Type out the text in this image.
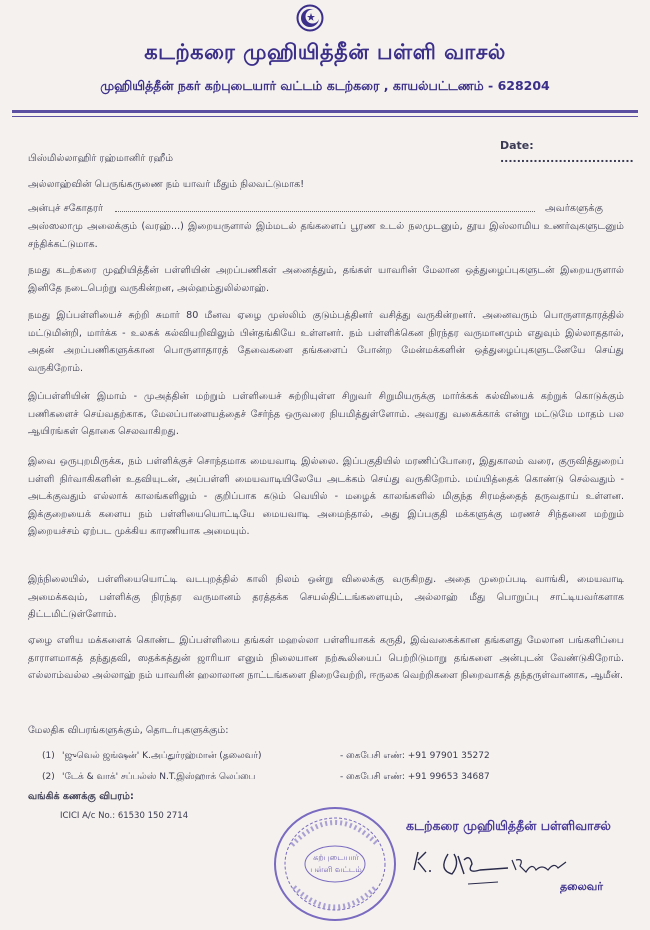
கடற்கரை முஹியித்தீன் பள்ளி வாசல்
முஹியித்தீன் நகர் கற்புடையார் வட்டம் கடற்கரை , காயல்பட்டணம் - 628204
Date: ................................
பிஸ்மில்லாஹிர் ரஹ்மானிர் ரஹீம்
அல்லாஹ்வின் பெருங்கருணை நம் யாவர் மீதும் நிலவட்டுமாக!
அன்புச் சகோதரர்	அவர்களுக்கு
அஸ்ஸலாமு அலைக்கும் (வரஹ்...) இறையருளால் இம்மடல் தங்களைப் பூரண உடல் நலமுடனும், தூய இஸ்லாமிய உணர்வுகளுடனும் சந்திக்கட்டுமாக.
நமது கடற்கரை முஹியித்தீன் பள்ளியின் அறப்பணிகள் அனைத்தும், தங்கள் யாவரின் மேலான ஒத்துழைப்புகளுடன் இறையருளால் இனிதே நடைபெற்று வருகின்றன, அல்ஹம்துலில்லாஹ்.
நமது இப்பள்ளியைச் சுற்றி சுமார் 80 மீனவ ஏழை முஸ்லிம் குடும்பத்தினர் வசித்து வருகின்றனர். அனைவரும் பொருளாதாரத்தில் மட்டுமின்றி, மார்க்க - உலகக் கல்வியறிவிலும் பின்தங்கியே உள்ளனர். நம் பள்ளிக்கென நிரந்தர வருமானமும் எதுவும் இல்லாததால், அதன் அறப்பணிகளுக்கான பொருளாதாரத் தேவைகளை தங்களைப் போன்ற மேன்மக்களின் ஒத்துழைப்புகளுடனேயே செய்து வருகிறோம்.
இப்பள்ளியின் இமாம் - முஅத்தின் மற்றும் பள்ளியைச் சுற்றியுள்ள சிறுவர் சிறுமியருக்கு மார்க்கக் கல்வியைக் கற்றுக் கொடுக்கும் பணிகளைச் செய்வதற்காக, மேலப்பாளையத்தைச் சேர்ந்த ஒருவரை நியமித்துள்ளோம். அவரது வகைக்காக் என்று மட்டுமே மாதம் பல ஆயிரங்கள் தொகை செலவாகிறது.
இவை ஒருபுறமிருக்க, நம் பள்ளிக்குச் சொந்தமாக மையவாடி இல்லை. இப்பகுதியில் மரணிப்போரை, இதுகாலம் வரை, குருவித்துறைப் பள்ளி நிர்வாகிகளின் உதவியுடன், அப்பள்ளி மையவாடியிலேயே அடக்கம் செய்து வருகிறோம். மய்யித்தைக் கொண்டு செல்வதும் - அடக்குவதும் எல்லாக் காலங்களிலும் - குறிப்பாக கடும் வெயில் - மழைக் காலங்களில் மிகுந்த சிரமத்தைத் தருவதாய் உள்ளன. இக்குறையைக் களைய நம் பள்ளியையொட்டியே மையவாடி அமைந்தால், அது இப்பகுதி மக்களுக்கு மரணச் சிந்தனை மற்றும் இறையச்சம் ஏற்பட முக்கிய காரணியாக அமையும்.
இந்நிலையில், பள்ளியையொட்டி வடபுறத்தில் காலி நிலம் ஒன்று விலைக்கு வருகிறது. அதை முறைப்படி வாங்கி, மையவாடி அமைக்கவும், பள்ளிக்கு நிரந்தர வருமானம் தரத்தக்க செயல்திட்டங்களையும், அல்லாஹ் மீது பொறுப்பு சாட்டியவர்களாக திட்டமிட்டுள்ளோம்.
ஏழை எளிய மக்களைக் கொண்ட இப்பள்ளியை தங்கள் மஹல்லா பள்ளியாகக் கருதி, இவ்வகைக்கான தங்களது மேலான பங்களிப்பை தாராளமாகத் தந்துதவி, ஸதக்கத்துன் ஜாரியா எனும் நிலையான நற்கூலியைப் பெற்றிடுமாறு தங்களை அன்புடன் வேண்டுகிறோம். எல்லாம்வல்ல அல்லாஹ் நம் யாவரின் ஹலாலான நாட்டங்களை நிறைவேற்றி, ஈருலக வெற்றிகளை நிறைவாகத் தந்தருள்வானாக, ஆமீன்.
மேலதிக விபரங்களுக்கும், தொடர்புகளுக்கும்:
(1) 'ஜுவெல் ஜங்ஷன்' K.அப்துர்ரஹ்மான் (தலைவர்)	- கைபேசி எண்: +91 97901 35272
(2) 'டேக் & வாக்' சப்பல்ஸ் N.T.இஸ்ஹாக் லெப்பை	- கைபேசி எண்: +91 99653 34687
வங்கிக் கணக்கு விபரம்:
ICICI A/c No.: 61530 150 2714
கற்புடையார்
பள்ளி வட்டம்
கடற்கரை முஹியித்தீன் பள்ளிவாசல்
தலைவர்
